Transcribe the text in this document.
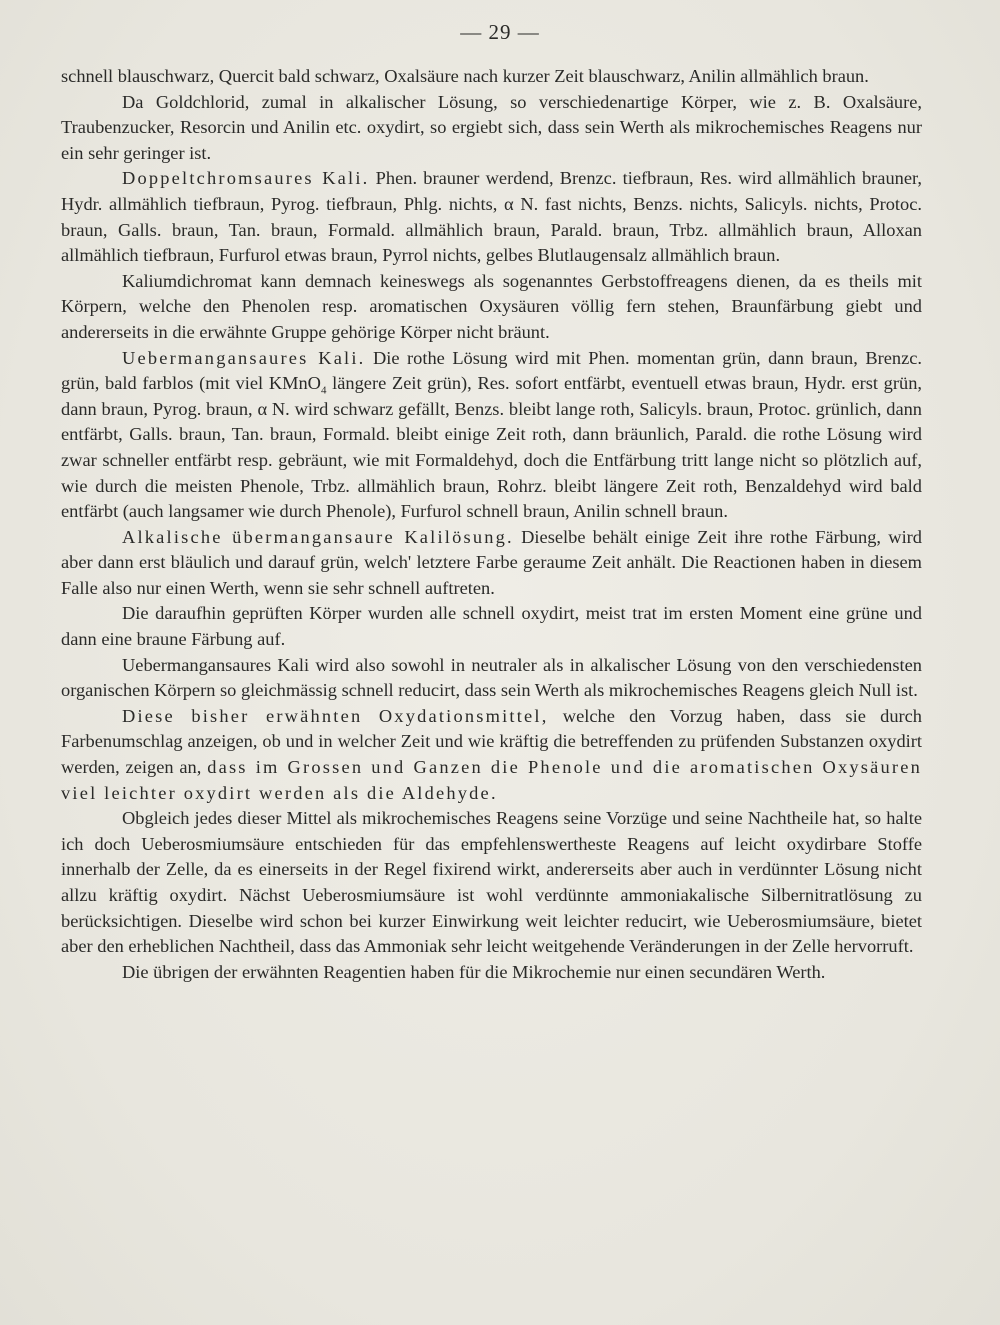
— 29 —

schnell blauschwarz, Quercit bald schwarz, Oxalsäure nach kurzer Zeit blauschwarz, Anilin allmählich braun.

Da Goldchlorid, zumal in alkalischer Lösung, so verschiedenartige Körper, wie z. B. Oxalsäure, Traubenzucker, Resorcin und Anilin etc. oxydirt, so ergiebt sich, dass sein Werth als mikrochemisches Reagens nur ein sehr geringer ist.

Doppeltchromsaures Kali. Phen. brauner werdend, Brenzc. tiefbraun, Res. wird allmählich brauner, Hydr. allmählich tiefbraun, Pyrog. tiefbraun, Phlg. nichts, α N. fast nichts, Benzs. nichts, Salicyls. nichts, Protoc. braun, Galls. braun, Tan. braun, Formald. allmählich braun, Parald. braun, Trbz. allmählich braun, Alloxan allmählich tiefbraun, Furfurol etwas braun, Pyrrol nichts, gelbes Blutlaugensalz allmählich braun.

Kaliumdichromat kann demnach keineswegs als sogenanntes Gerbstoffreagens dienen, da es theils mit Körpern, welche den Phenolen resp. aromatischen Oxysäuren völlig fern stehen, Braunfärbung giebt und andererseits in die erwähnte Gruppe gehörige Körper nicht bräunt.

Uebermangansaures Kali. Die rothe Lösung wird mit Phen. momentan grün, dann braun, Brenzc. grün, bald farblos (mit viel KMnO$_4$ längere Zeit grün), Res. sofort entfärbt, eventuell etwas braun, Hydr. erst grün, dann braun, Pyrog. braun, α N. wird schwarz gefällt, Benzs. bleibt lange roth, Salicyls. braun, Protoc. grünlich, dann entfärbt, Galls. braun, Tan. braun, Formald. bleibt einige Zeit roth, dann bräunlich, Parald. die rothe Lösung wird zwar schneller entfärbt resp. gebräunt, wie mit Formaldehyd, doch die Entfärbung tritt lange nicht so plötzlich auf, wie durch die meisten Phenole, Trbz. allmählich braun, Rohrz. bleibt längere Zeit roth, Benzaldehyd wird bald entfärbt (auch langsamer wie durch Phenole), Furfurol schnell braun, Anilin schnell braun.

Alkalische übermangansaure Kalilösung. Dieselbe behält einige Zeit ihre rothe Färbung, wird aber dann erst bläulich und darauf grün, welch' letztere Farbe geraume Zeit anhält. Die Reactionen haben in diesem Falle also nur einen Werth, wenn sie sehr schnell auftreten.

Die daraufhin geprüften Körper wurden alle schnell oxydirt, meist trat im ersten Moment eine grüne und dann eine braune Färbung auf.

Uebermangansaures Kali wird also sowohl in neutraler als in alkalischer Lösung von den verschiedensten organischen Körpern so gleichmässig schnell reducirt, dass sein Werth als mikrochemisches Reagens gleich Null ist.

Diese bisher erwähnten Oxydationsmittel, welche den Vorzug haben, dass sie durch Farbenumschlag anzeigen, ob und in welcher Zeit und wie kräftig die betreffenden zu prüfenden Substanzen oxydirt werden, zeigen an, dass im Grossen und Ganzen die Phenole und die aromatischen Oxysäuren viel leichter oxydirt werden als die Aldehyde.

Obgleich jedes dieser Mittel als mikrochemisches Reagens seine Vorzüge und seine Nachtheile hat, so halte ich doch Ueberosmiumsäure entschieden für das empfehlenswertheste Reagens auf leicht oxydirbare Stoffe innerhalb der Zelle, da es einerseits in der Regel fixirend wirkt, andererseits aber auch in verdünnter Lösung nicht allzu kräftig oxydirt. Nächst Ueberosmiumsäure ist wohl verdünnte ammoniakalische Silbernitratlösung zu berücksichtigen. Dieselbe wird schon bei kurzer Einwirkung weit leichter reducirt, wie Ueberosmiumsäure, bietet aber den erheblichen Nachtheil, dass das Ammoniak sehr leicht weitgehende Veränderungen in der Zelle hervorruft.

Die übrigen der erwähnten Reagentien haben für die Mikrochemie nur einen secundären Werth.
